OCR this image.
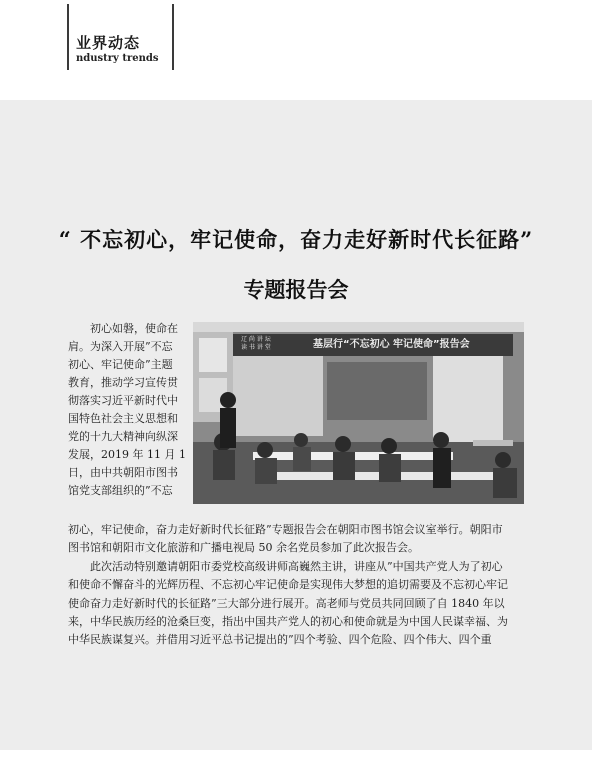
业界动态
ndustry trends
“ 不忘初心，牢记使命，奋力走好新时代长征路”
专题报告会
基层行“不忘初心 牢记使命”报告会
辽 尚 讲 坛
读 书 讲 堂
初心如磐，使命在
肩。为深入开展”不忘
初心、牢记使命”主题
教育，推动学习宣传贯
彻落实习近平新时代中
国特色社会主义思想和
党的十九大精神向纵深
发展，2019 年 11 月 1
日，由中共朝阳市图书
馆党支部组织的”不忘
初心，牢记使命，奋力走好新时代长征路”专题报告会在朝阳市图书馆会议室举行。朝阳市
图书馆和朝阳市文化旅游和广播电视局 50 余名党员参加了此次报告会。
此次活动特别邀请朝阳市委党校高级讲师高巍然主讲，讲座从”中国共产党人为了初心
和使命不懈奋斗的光辉历程、不忘初心牢记使命是实现伟大梦想的追切需要及不忘初心牢记
使命奋力走好新时代的长征路”三大部分进行展开。高老师与党员共同回顾了自 1840 年以
来，中华民族历经的沧桑巨变，指出中国共产党人的初心和使命就是为中国人民谋幸福、为
中华民族谋复兴。并借用习近平总书记提出的”四个考验、四个危险、四个伟大、四个重
